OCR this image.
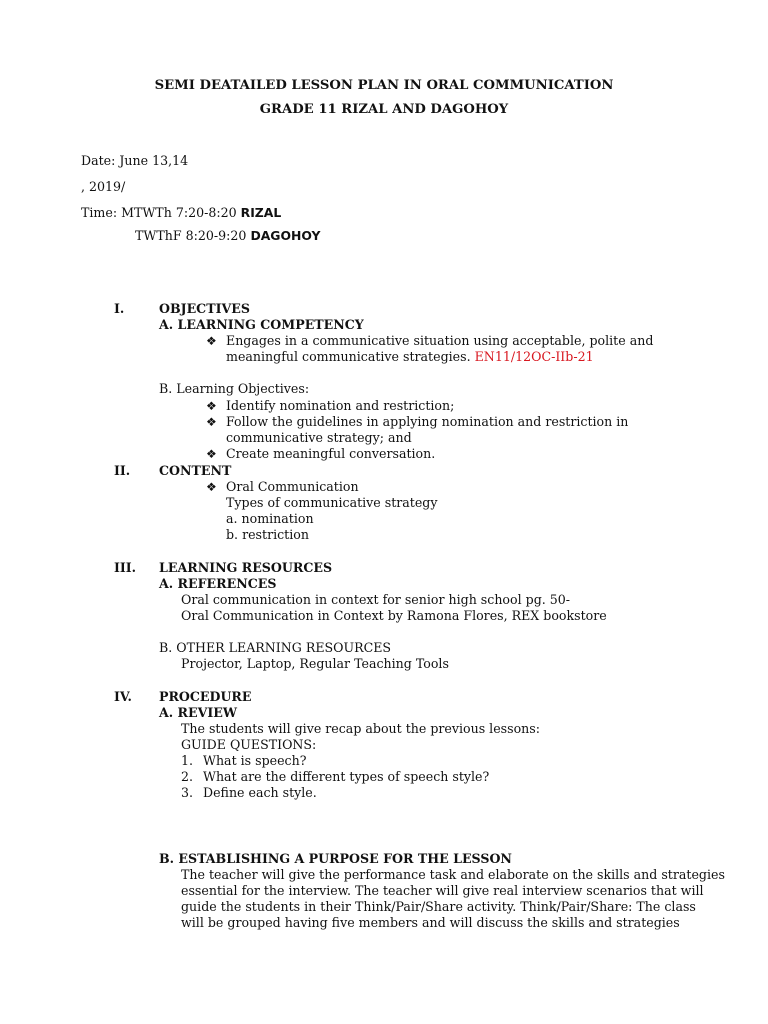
SEMI DEATAILED LESSON PLAN IN ORAL COMMUNICATION
GRADE 11 RIZAL AND DAGOHOY
Date: June 13,14
, 2019/
Time: MTWTh 7:20-8:20 RIZAL
TWThF 8:20-9:20 DAGOHOY
I.	OBJECTIVES
A. LEARNING COMPETENCY
❖ Engages in a communicative situation using acceptable, polite and
meaningful communicative strategies. EN11/12OC-IIb-21
B. Learning Objectives:
❖ Identify nomination and restriction;
❖ Follow the guidelines in applying nomination and restriction in
communicative strategy; and
❖ Create meaningful conversation.
II. CONTENT
❖ Oral Communication
Types of communicative strategy
a. nomination
b. restriction
III. LEARNING RESOURCES
A. REFERENCES
Oral communication in context for senior high school pg. 50-
Oral Communication in Context by Ramona Flores, REX bookstore
B. OTHER LEARNING RESOURCES
Projector, Laptop, Regular Teaching Tools
IV. PROCEDURE
A. REVIEW
The students will give recap about the previous lessons:
GUIDE QUESTIONS:
1. What is speech?
2. What are the different types of speech style?
3. Define each style.
B. ESTABLISHING A PURPOSE FOR THE LESSON
The teacher will give the performance task and elaborate on the skills and strategies
essential for the interview. The teacher will give real interview scenarios that will
guide the students in their Think/Pair/Share activity. Think/Pair/Share: The class
will be grouped having five members and will discuss the skills and strategies
